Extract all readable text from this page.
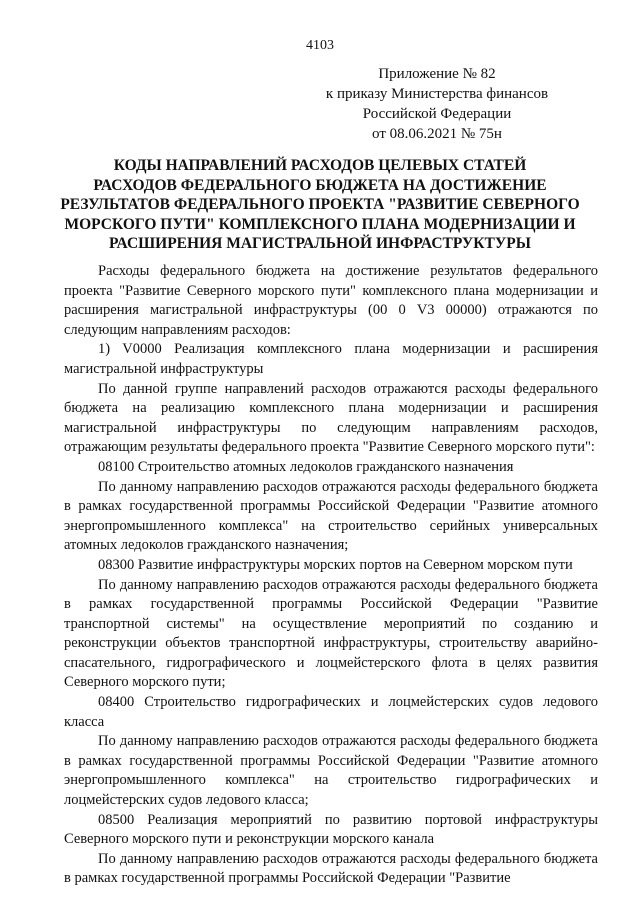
4103
Приложение № 82
к приказу Министерства финансов
Российской Федерации
от 08.06.2021 № 75н
КОДЫ НАПРАВЛЕНИЙ РАСХОДОВ ЦЕЛЕВЫХ СТАТЕЙ
РАСХОДОВ ФЕДЕРАЛЬНОГО БЮДЖЕТА НА ДОСТИЖЕНИЕ
РЕЗУЛЬТАТОВ ФЕДЕРАЛЬНОГО ПРОЕКТА "РАЗВИТИЕ СЕВЕРНОГО
МОРСКОГО ПУТИ" КОМПЛЕКСНОГО ПЛАНА МОДЕРНИЗАЦИИ И
РАСШИРЕНИЯ МАГИСТРАЛЬНОЙ ИНФРАСТРУКТУРЫ

Расходы федерального бюджета на достижение результатов федерального проекта "Развитие Северного морского пути" комплексного плана модернизации и расширения магистральной инфраструктуры (00 0 V3 00000) отражаются по следующим направлениям расходов:

1) V0000 Реализация комплексного плана модернизации и расширения магистральной инфраструктуры

По данной группе направлений расходов отражаются расходы федерального бюджета на реализацию комплексного плана модернизации и расширения магистральной инфраструктуры по следующим направлениям расходов, отражающим результаты федерального проекта "Развитие Северного морского пути":

08100 Строительство атомных ледоколов гражданского назначения

По данному направлению расходов отражаются расходы федерального бюджета в рамках государственной программы Российской Федерации "Развитие атомного энергопромышленного комплекса" на строительство серийных универсальных атомных ледоколов гражданского назначения;

08300 Развитие инфраструктуры морских портов на Северном морском пути

По данному направлению расходов отражаются расходы федерального бюджета в рамках государственной программы Российской Федерации "Развитие транспортной системы" на осуществление мероприятий по созданию и реконструкции объектов транспортной инфраструктуры, строительству аварийно-спасательного, гидрографического и лоцмейстерского флота в целях развития Северного морского пути;

08400 Строительство гидрографических и лоцмейстерских судов ледового класса

По данному направлению расходов отражаются расходы федерального бюджета в рамках государственной программы Российской Федерации "Развитие атомного энергопромышленного комплекса" на строительство гидрографических и лоцмейстерских судов ледового класса;

08500 Реализация мероприятий по развитию портовой инфраструктуры Северного морского пути и реконструкции морского канала

По данному направлению расходов отражаются расходы федерального бюджета в рамках государственной программы Российской Федерации "Развитие
